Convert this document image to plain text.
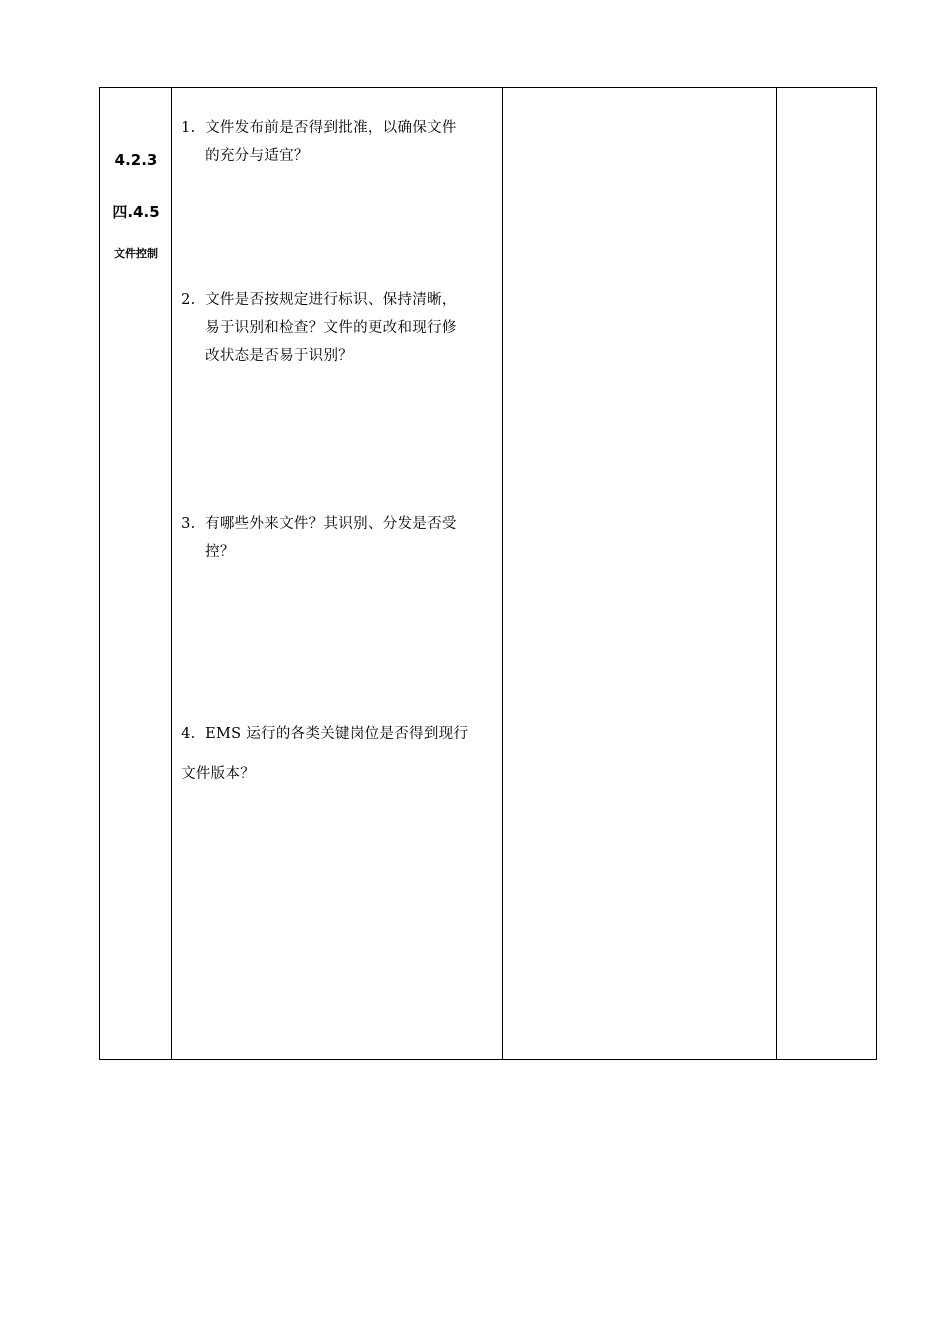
4.2.3
四.4.5
文件控制

1. 文件发布前是否得到批准，以确保文件
的充分与适宜？
2. 文件是否按规定进行标识、保持清晰，
易于识别和检查？文件的更改和现行修
改状态是否易于识别？
3. 有哪些外来文件？其识别、分发是否受
控？
4. EMS 运行的各类关键岗位是否得到现行
文件版本？
